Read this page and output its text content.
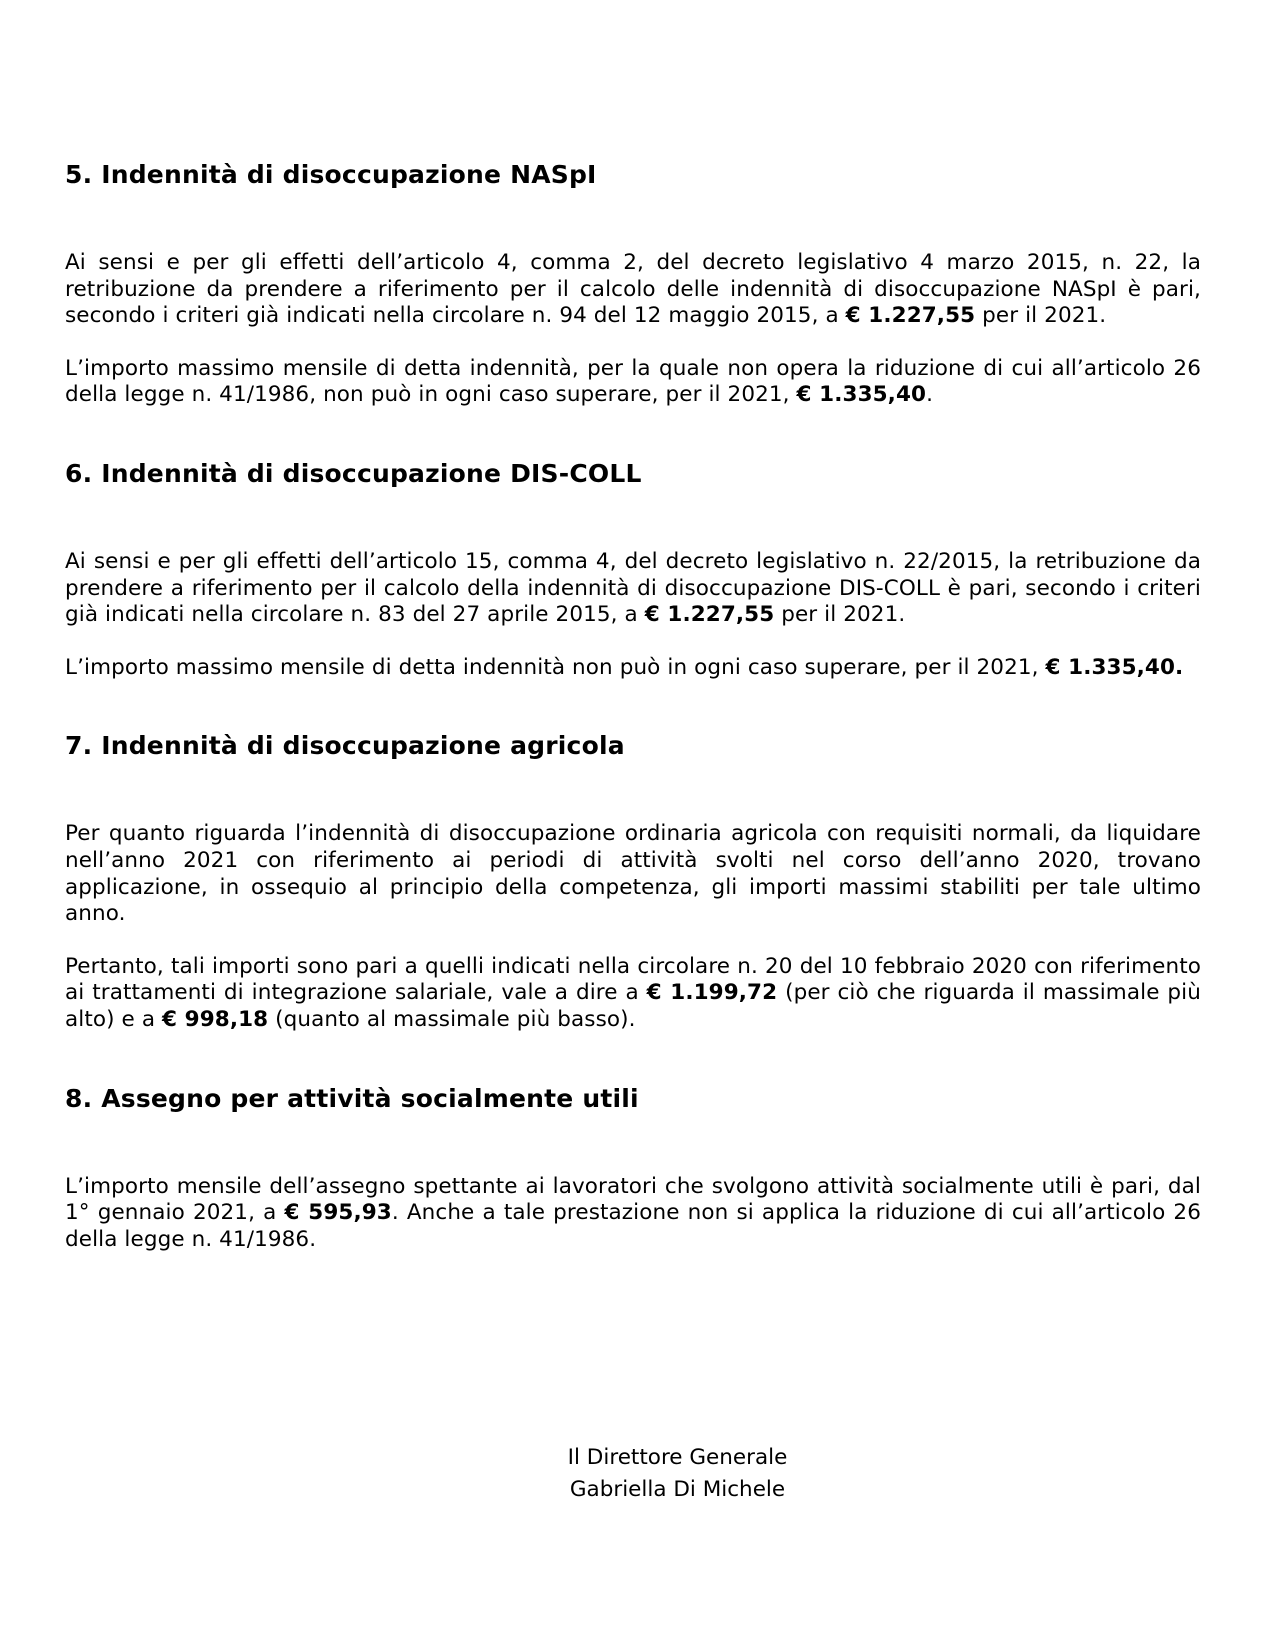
5. Indennità di disoccupazione NASpI

Ai sensi e per gli effetti dell’articolo 4, comma 2, del decreto legislativo 4 marzo 2015, n. 22, la retribuzione da prendere a riferimento per il calcolo delle indennità di disoccupazione NASpI è pari, secondo i criteri già indicati nella circolare n. 94 del 12 maggio 2015, a € 1.227,55 per il 2021.

L’importo massimo mensile di detta indennità, per la quale non opera la riduzione di cui all’articolo 26 della legge n. 41/1986, non può in ogni caso superare, per il 2021, € 1.335,40.

6. Indennità di disoccupazione DIS-COLL

Ai sensi e per gli effetti dell’articolo 15, comma 4, del decreto legislativo n. 22/2015, la retribuzione da prendere a riferimento per il calcolo della indennità di disoccupazione DIS-COLL è pari, secondo i criteri già indicati nella circolare n. 83 del 27 aprile 2015, a € 1.227,55 per il 2021.

L’importo massimo mensile di detta indennità non può in ogni caso superare, per il 2021, € 1.335,40.

7. Indennità di disoccupazione agricola

Per quanto riguarda l’indennità di disoccupazione ordinaria agricola con requisiti normali, da liquidare nell’anno 2021 con riferimento ai periodi di attività svolti nel corso dell’anno 2020, trovano applicazione, in ossequio al principio della competenza, gli importi massimi stabiliti per tale ultimo anno.

Pertanto, tali importi sono pari a quelli indicati nella circolare n. 20 del 10 febbraio 2020 con riferimento ai trattamenti di integrazione salariale, vale a dire a € 1.199,72 (per ciò che riguarda il massimale più alto) e a € 998,18 (quanto al massimale più basso).

8. Assegno per attività socialmente utili

L’importo mensile dell’assegno spettante ai lavoratori che svolgono attività socialmente utili è pari, dal 1° gennaio 2021, a € 595,93. Anche a tale prestazione non si applica la riduzione di cui all’articolo 26 della legge n. 41/1986.

Il Direttore Generale
Gabriella Di Michele
